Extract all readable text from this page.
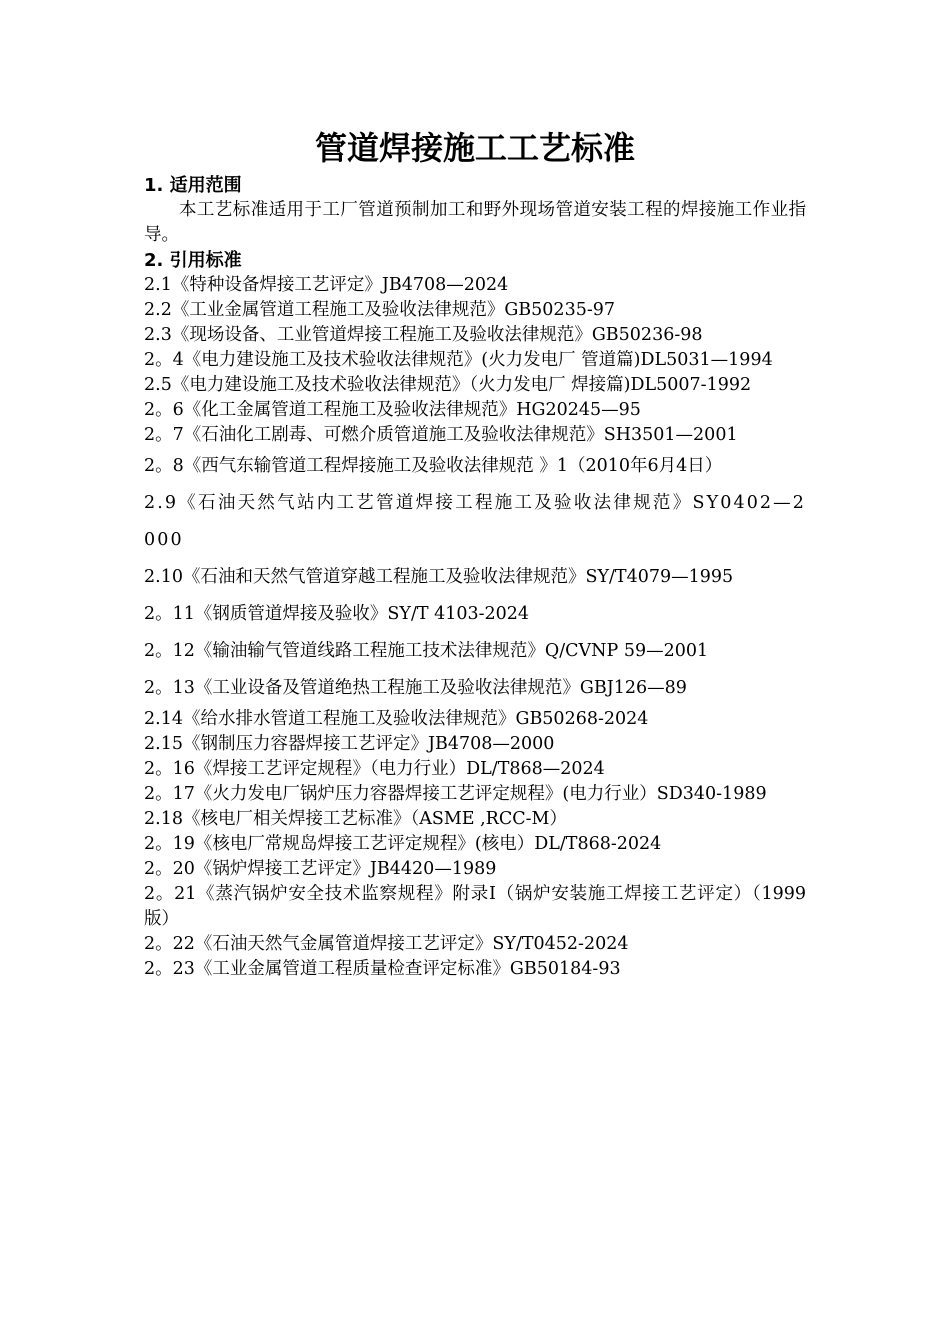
管道焊接施工工艺标准
1. 适用范围
本工艺标准适用于工厂管道预制加工和野外现场管道安装工程的焊接施工作业指导。
2. 引用标准
2.1《特种设备焊接工艺评定》JB4708—2024
2.2《工业金属管道工程施工及验收法律规范》GB50235-97
2.3《现场设备、工业管道焊接工程施工及验收法律规范》GB50236-98
2。4《电力建设施工及技术验收法律规范》(火力发电厂 管道篇)DL5031—1994
2.5《电力建设施工及技术验收法律规范》（火力发电厂 焊接篇)DL5007-1992
2。6《化工金属管道工程施工及验收法律规范》HG20245—95
2。7《石油化工剧毒、可燃介质管道施工及验收法律规范》SH3501—2001
2。8《西气东输管道工程焊接施工及验收法律规范 》1（2010年6月4日）
2.9《石油天然气站内工艺管道焊接工程施工及验收法律规范》SY0402—2000
2.10《石油和天然气管道穿越工程施工及验收法律规范》SY/T4079—1995
2。11《钢质管道焊接及验收》SY/T 4103-2024
2。12《输油输气管道线路工程施工技术法律规范》Q/CVNP 59—2001
2。13《工业设备及管道绝热工程施工及验收法律规范》GBJ126—89
2.14《给水排水管道工程施工及验收法律规范》GB50268-2024
2.15《钢制压力容器焊接工艺评定》JB4708—2000
2。16《焊接工艺评定规程》（电力行业）DL/T868—2024
2。17《火力发电厂锅炉压力容器焊接工艺评定规程》(电力行业）SD340-1989
2.18《核电厂相关焊接工艺标准》（ASME ,RCC-M）
2。19《核电厂常规岛焊接工艺评定规程》(核电）DL/T868-2024
2。20《锅炉焊接工艺评定》JB4420—1989
2。21《蒸汽锅炉安全技术监察规程》附录Ⅰ（锅炉安装施工焊接工艺评定）（1999版）
2。22《石油天然气金属管道焊接工艺评定》SY/T0452-2024
2。23《工业金属管道工程质量检查评定标准》GB50184-93
